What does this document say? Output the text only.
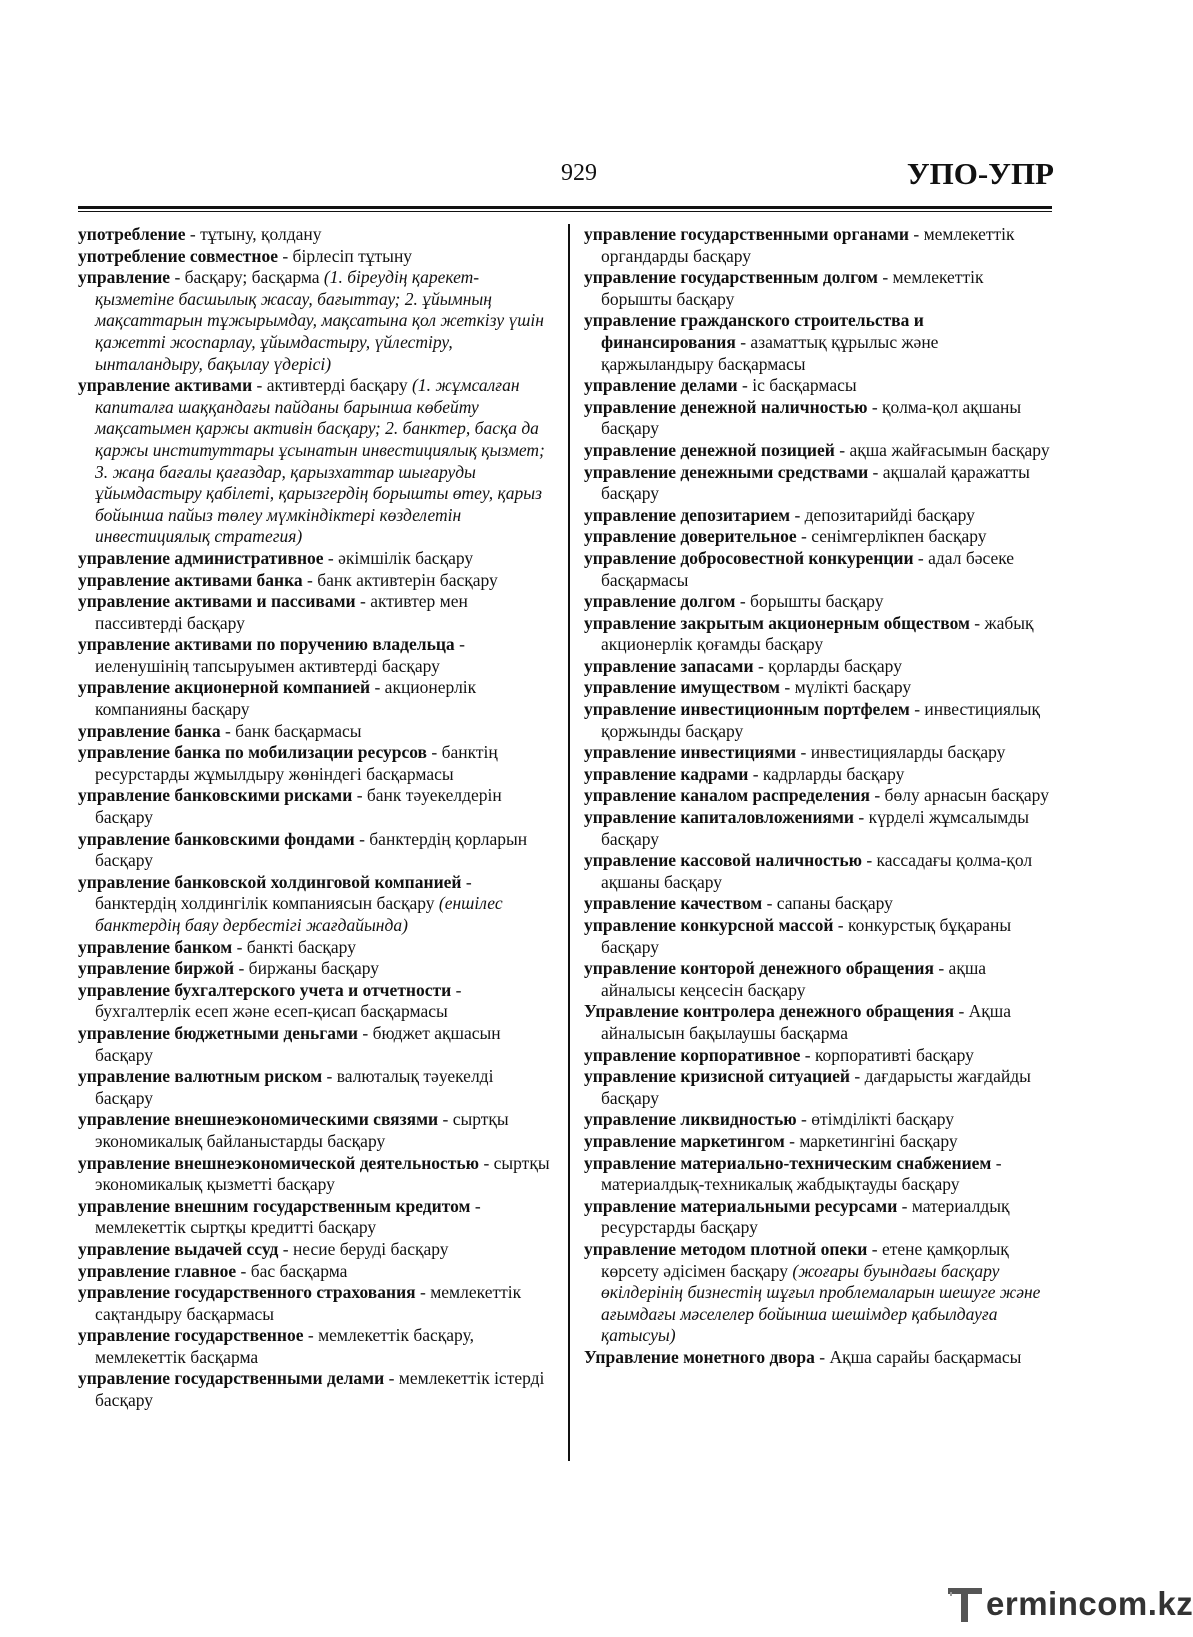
929	УПО-УПР

употребление - тұтыну, қолдану

употребление совместное - бірлесіп тұтыну

управление - басқару; басқарма (1. біреудің қарекет-қызметіне басшылық жасау, бағыттау; 2. ұйымның мақсаттарын тұжырымдау, мақсатына қол жеткізу үшін қажетті жоспарлау, ұйымдастыру, үйлестіру, ынталандыру, бақылау үдерісі)

управление активами - активтерді басқару (1. жұмсалған капиталға шаққандағы пайданы барынша көбейту мақсатымен қаржы активін басқару; 2. банктер, басқа да қаржы институттары ұсынатын инвестициялық қызмет; 3. жаңа бағалы қағаздар, қарызхаттар шығаруды ұйымдастыру қабілеті, қарызгердің борышты өтеу, қарыз бойынша пайыз төлеу мүмкіндіктері көзделетін инвестициялық стратегия)

управление административное - әкімшілік басқару

управление активами банка - банк активтерін басқару

управление активами и пассивами - активтер мен пассивтерді басқару

управление активами по поручению владельца - иеленушінің тапсыруымен активтерді басқару

управление акционерной компанией - акционерлік компанияны басқару

управление банка - банк басқармасы

управление банка по мобилизации ресурсов - банктің ресурстарды жұмылдыру жөніндегі басқармасы

управление банковскими рисками - банк тәуекелдерін басқару

управление банковскими фондами - банктердің қорларын басқару

управление банковской холдинговой компанией - банктердің холдингілік компаниясын басқару (еншілес банктердің баяу дербестігі жағдайында)

управление банком - банкті басқару

управление биржой - биржаны басқару

управление бухгалтерского учета и отчетности - бухгалтерлік есеп және есеп-қисап басқармасы

управление бюджетными деньгами - бюджет ақшасын басқару

управление валютным риском - валюталық тәуекелді басқару

управление внешнеэкономическими связями - сыртқы экономикалық байланыстарды басқару

управление внешнеэкономической деятельностью - сыртқы экономикалық қызметті басқару

управление внешним государственным кредитом - мемлекеттік сыртқы кредитті басқару

управление выдачей ссуд - несие беруді басқару

управление главное - бас басқарма

управление государственного страхования - мемлекеттік сақтандыру басқармасы

управление государственное - мемлекеттік басқару, мемлекеттік басқарма

управление государственными делами - мемлекеттік істерді басқару

управление государственными органами - мемлекеттік органдарды басқару

управление государственным долгом - мемлекеттік борышты басқару

управление гражданского строительства и финансирования - азаматтық құрылыс және қаржыландыру басқармасы

управление делами - іс басқармасы

управление денежной наличностью - қолма-қол ақшаны басқару

управление денежной позицией - ақша жайғасымын басқару

управление денежными средствами - ақшалай қаражатты басқару

управление депозитарием - депозитарийді басқару

управление доверительное - сенімгерлікпен басқару

управление добросовестной конкуренции - адал бәсеке басқармасы

управление долгом - борышты басқару

управление закрытым акционерным обществом - жабық акционерлік қоғамды басқару

управление запасами - қорларды басқару

управление имуществом - мүлікті басқару

управление инвестиционным портфелем - инвестициялық қоржынды басқару

управление инвестициями - инвестицияларды басқару

управление кадрами - кадрларды басқару

управление каналом распределения - бөлу арнасын басқару

управление капиталовложениями - күрделі жұмсалымды басқару

управление кассовой наличностью - кассадағы қолма-қол ақшаны басқару

управление качеством - сапаны басқару

управление конкурсной массой - конкурстық бұқараны басқару

управление конторой денежного обращения - ақша айналысы кеңсесін басқару

Управление контролера денежного обращения - Ақша айналысын бақылаушы басқарма

управление корпоративное - корпоративті басқару

управление кризисной ситуацией - дағдарысты жағдайды басқару

управление ликвидностью - өтімділікті басқару

управление маркетингом - маркетингіні басқару

управление материально-техническим снабжением - материалдық-техникалық жабдықтауды басқару

управление материальными ресурсами - материалдық ресурстарды басқару

управление методом плотной опеки - етене қамқорлық көрсету әдісімен басқару (жоғары буындағы басқару өкілдерінің бизнестің шұғыл проблемаларын шешуге және ағымдағы мәселелер бойынша шешімдер қабылдауға қатысуы)

Управление монетного двора - Ақша сарайы басқармасы

ermincom.kz
